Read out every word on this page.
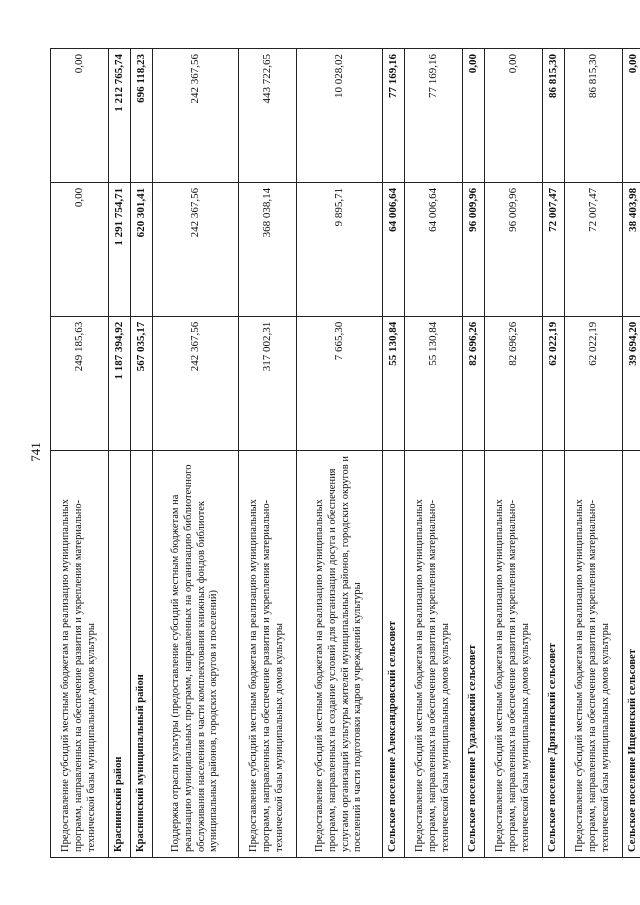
741
Предоставление субсидий местным бюджетам на реализацию муниципальных программ, направленных на обеспечение развития и укрепления материально-технической базы муниципальных домов культуры	249 185,63	0,00	0,00
Краснинский район	1 187 394,92	1 291 754,71	1 212 765,74
Краснинский муниципальный район	567 035,17	620 301,41	696 118,23
Поддержка отрасли культуры (предоставление субсидий местным бюджетам на реализацию муниципальных программ, направленных на организацию библиотечного обслуживания населения в части комплектования книжных фондов библиотек муниципальных районов, городских округов и поселений)	242 367,56	242 367,56	242 367,56
Предоставление субсидий местным бюджетам на реализацию муниципальных программ, направленных на обеспечение развития и укрепления материально-технической базы муниципальных домов культуры	317 002,31	368 038,14	443 722,65
Предоставление субсидий местным бюджетам на реализацию муниципальных программ, направленных на создание условий для организации досуга и обеспечения услугами организаций культуры жителей муниципальных районов, городских округов и поселений в части подготовки кадров учреждений культуры	7 665,30	9 895,71	10 028,02
Сельское поселение Александровский сельсовет	55 130,84	64 006,64	77 169,16
Предоставление субсидий местным бюджетам на реализацию муниципальных программ, направленных на обеспечение развития и укрепления материально-технической базы муниципальных домов культуры	55 130,84	64 006,64	77 169,16
Сельское поселение Гудаловский сельсовет	82 696,26	96 009,96	0,00
Предоставление субсидий местным бюджетам на реализацию муниципальных программ, направленных на обеспечение развития и укрепления материально-технической базы муниципальных домов культуры	82 696,26	96 009,96	0,00
Сельское поселение Дрязгинский сельсовет	62 022,19	72 007,47	86 815,30
Предоставление субсидий местным бюджетам на реализацию муниципальных программ, направленных на обеспечение развития и укрепления материально-технической базы муниципальных домов культуры	62 022,19	72 007,47	86 815,30
Сельское поселение Ищеинский сельсовет	39 694,20	38 403,98	0,00
